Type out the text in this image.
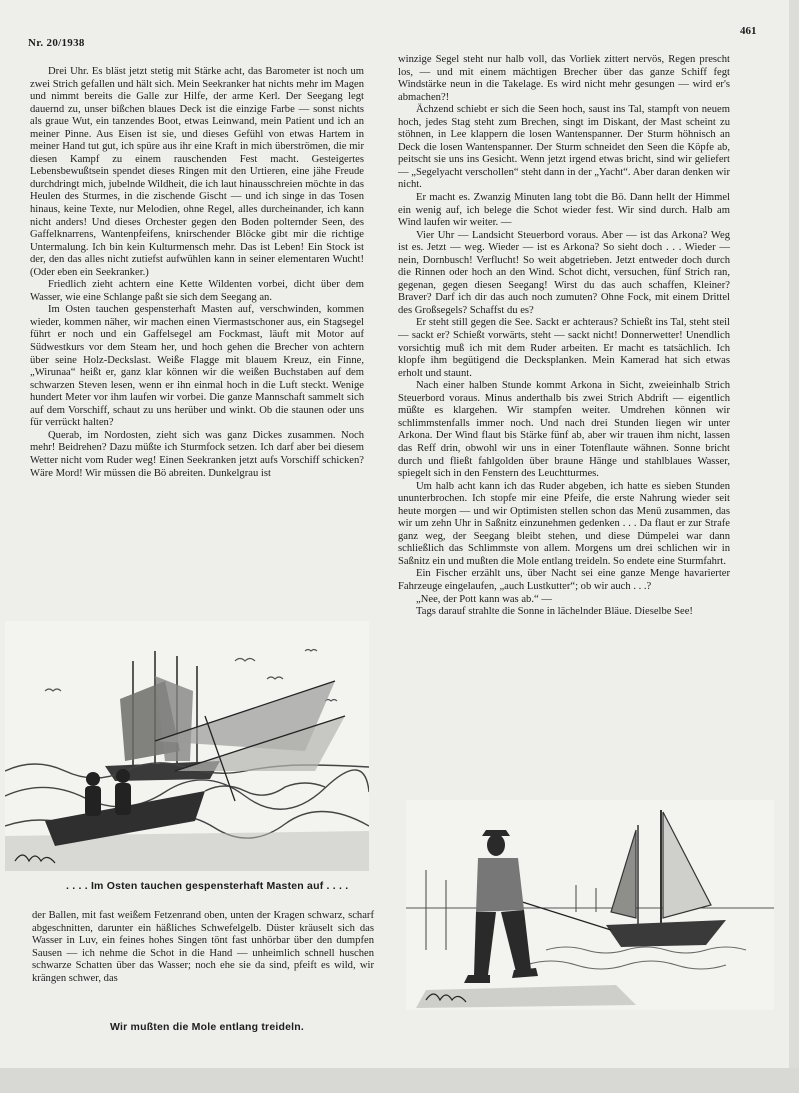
Nr. 20/1938
461

Drei Uhr. Es bläst jetzt stetig mit Stärke acht, das Barometer ist noch um zwei Strich gefallen und hält sich. Mein Seekranker hat nichts mehr im Magen und nimmt bereits die Galle zur Hilfe, der arme Kerl. Der Seegang legt dauernd zu, unser bißchen blaues Deck ist die einzige Farbe — sonst nichts als graue Wut, ein tanzendes Boot, etwas Leinwand, mein Patient und ich an meiner Pinne. Aus Eisen ist sie, und dieses Gefühl von etwas Hartem in meiner Hand tut gut, ich spüre aus ihr eine Kraft in mich überströmen, die mir diesen Kampf zu einem rauschenden Fest macht. Gesteigertes Lebensbewußtsein spendet dieses Ringen mit den Urtieren, eine jähe Freude durchdringt mich, jubelnde Wildheit, die ich laut hinausschreien möchte in das Heulen des Sturmes, in die zischende Gischt — und ich singe in das Tosen hinaus, keine Texte, nur Melodien, ohne Regel, alles durcheinander, ich kann nicht anders! Und dieses Orchester gegen den Boden polternder Seen, des Gaffelknarrens, Wantenpfeifens, knirschender Blöcke gibt mir die richtige Untermalung. Ich bin kein Kulturmensch mehr. Das ist Leben! Ein Stock ist der, den das alles nicht zutiefst aufwühlen kann in seiner elementaren Wucht! (Oder eben ein Seekranker.)

Friedlich zieht achtern eine Kette Wildenten vorbei, dicht über dem Wasser, wie eine Schlange paßt sie sich dem Seegang an.

Im Osten tauchen gespensterhaft Masten auf, verschwinden, kommen wieder, kommen näher, wir machen einen Viermastschoner aus, ein Stagsegel führt er noch und ein Gaffelsegel am Fockmast, läuft mit Motor auf Südwestkurs vor dem Steam her, und hoch gehen die Brecher von achtern über seine Holz-Deckslast. Weiße Flagge mit blauem Kreuz, ein Finne, „Wirunaa“ heißt er, ganz klar können wir die weißen Buchstaben auf dem schwarzen Steven lesen, wenn er ihn einmal hoch in die Luft steckt. Wenige hundert Meter vor ihm laufen wir vorbei. Die ganze Mannschaft sammelt sich auf dem Vorschiff, schaut zu uns herüber und winkt. Ob die staunen oder uns für verrückt halten?

Querab, im Nordosten, zieht sich was ganz Dickes zusammen. Noch mehr! Beidrehen? Dazu müßte ich Sturmfock setzen. Ich darf aber bei diesem Wetter nicht vom Ruder weg! Einen Seekranken jetzt aufs Vorschiff schicken? Wäre Mord! Wir müssen die Bö abreiten. Dunkelgrau ist

winzige Segel steht nur halb voll, das Vorliek zittert nervös, Regen prescht los, — und mit einem mächtigen Brecher über das ganze Schiff fegt Windstärke neun in die Takelage. Es wird nicht mehr gesungen — wird er's abmachen?!

Ächzend schiebt er sich die Seen hoch, saust ins Tal, stampft von neuem hoch, jedes Stag steht zum Brechen, singt im Diskant, der Mast scheint zu stöhnen, in Lee klappern die losen Wantenspanner. Der Sturm höhnisch an Deck die losen Wantenspanner. Der Sturm schneidet den Seen die Köpfe ab, peitscht sie uns ins Gesicht. Wenn jetzt irgend etwas bricht, sind wir geliefert — „Segelyacht verschollen“ steht dann in der „Yacht“. Aber daran denken wir nicht.

Er macht es. Zwanzig Minuten lang tobt die Bö. Dann hellt der Himmel ein wenig auf, ich belege die Schot wieder fest. Wir sind durch. Halb am Wind laufen wir weiter. —

Vier Uhr — Landsicht Steuerbord voraus. Aber — ist das Arkona? Weg ist es. Jetzt — weg. Wieder — ist es Arkona? So sieht doch . . . Wieder — nein, Dornbusch! Verflucht! So weit abgetrieben. Jetzt entweder doch durch die Rinnen oder hoch an den Wind. Schot dicht, versuchen, fünf Strich ran, gegenan, gegen diesen Seegang! Wirst du das auch schaffen, Kleiner? Braver? Darf ich dir das auch noch zumuten? Ohne Fock, mit einem Drittel des Großsegels? Schaffst du es?

Er steht still gegen die See. Sackt er achteraus? Schießt ins Tal, steht steil — sackt er? Schießt vorwärts, steht — sackt nicht! Donnerwetter! Unendlich vorsichtig muß ich mit dem Ruder arbeiten. Er macht es tatsächlich. Ich klopfe ihm begütigend die Decksplanken. Mein Kamerad hat sich etwas erholt und staunt.

Nach einer halben Stunde kommt Arkona in Sicht, zweieinhalb Strich Steuerbord voraus. Minus anderthalb bis zwei Strich Abdrift — eigentlich müßte es klargehen. Wir stampfen weiter. Umdrehen können wir schlimmstenfalls immer noch. Und nach drei Stunden liegen wir unter Arkona. Der Wind flaut bis Stärke fünf ab, aber wir trauen ihm nicht, lassen das Reff drin, obwohl wir uns in einer Totenflaute wähnen. Sonne bricht durch und fließt fahlgolden über braune Hänge und stahlblaues Wasser, spiegelt sich in den Fenstern des Leuchtturmes.

Um halb acht kann ich das Ruder abgeben, ich hatte es sieben Stunden ununterbrochen. Ich stopfe mir eine Pfeife, die erste Nahrung wieder seit heute morgen — und wir Optimisten stellen schon das Menü zusammen, das wir um zehn Uhr in Saßnitz einzunehmen gedenken . . . Da flaut er zur Strafe ganz weg, der Seegang bleibt stehen, und diese Dümpelei war dann schließlich das Schlimmste von allem. Morgens um drei schlichen wir in Saßnitz ein und mußten die Mole entlang treideln. So endete eine Sturmfahrt.

Ein Fischer erzählt uns, über Nacht sei eine ganze Menge havarierter Fahrzeuge eingelaufen, „auch Lustkutter“; ob wir auch . . .?

„Nee, der Pott kann was ab.“ —

Tags darauf strahlte die Sonne in lächelnder Bläue. Dieselbe See!

. . . . Im Osten tauchen gespensterhaft Masten auf . . . .

der Ballen, mit fast weißem Fetzenrand oben, unten der Kragen schwarz, scharf abgeschnitten, darunter ein häßliches Schwefelgelb. Düster kräuselt sich das Wasser in Luv, ein feines hohes Singen tönt fast unhörbar über den dumpfen Sausen — ich nehme die Schot in die Hand — unheimlich schnell huschen schwarze Schatten über das Wasser; noch ehe sie da sind, pfeift es wild, wir krängen schwer, das

Wir mußten die Mole entlang treideln.
